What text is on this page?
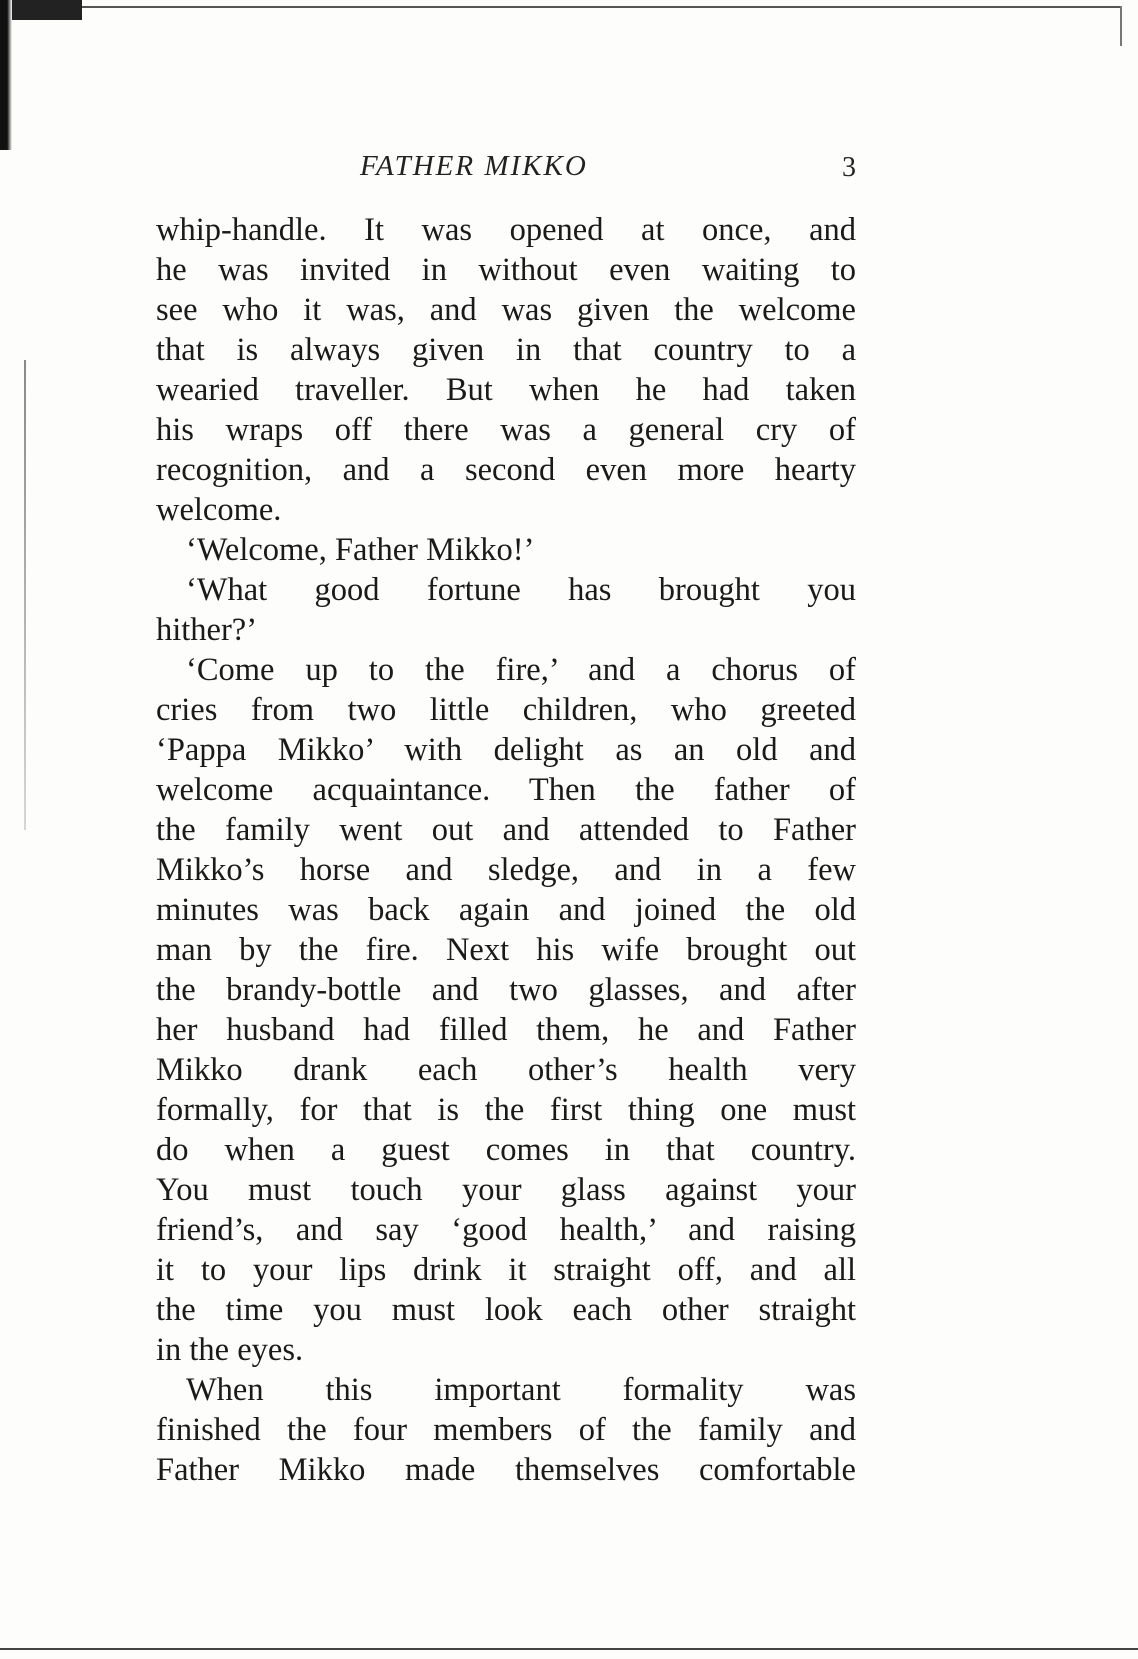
FATHER MIKKO	3
whip-handle. It was opened at once, and
he was invited in without even waiting to
see who it was, and was given the welcome
that is always given in that country to a
wearied traveller. But when he had taken
his wraps off there was a general cry of
recognition, and a second even more hearty
welcome.
‘Welcome, Father Mikko!’
‘What good fortune has brought you
hither?’
‘Come up to the fire,’ and a chorus of
cries from two little children, who greeted
‘Pappa Mikko’ with delight as an old and
welcome acquaintance. Then the father of
the family went out and attended to Father
Mikko’s horse and sledge, and in a few
minutes was back again and joined the old
man by the fire. Next his wife brought out
the brandy-bottle and two glasses, and after
her husband had filled them, he and Father
Mikko drank each other’s health very
formally, for that is the first thing one must
do when a guest comes in that country.
You must touch your glass against your
friend’s, and say ‘good health,’ and raising
it to your lips drink it straight off, and all
the time you must look each other straight
in the eyes.
When this important formality was
finished the four members of the family and
Father Mikko made themselves comfortable
